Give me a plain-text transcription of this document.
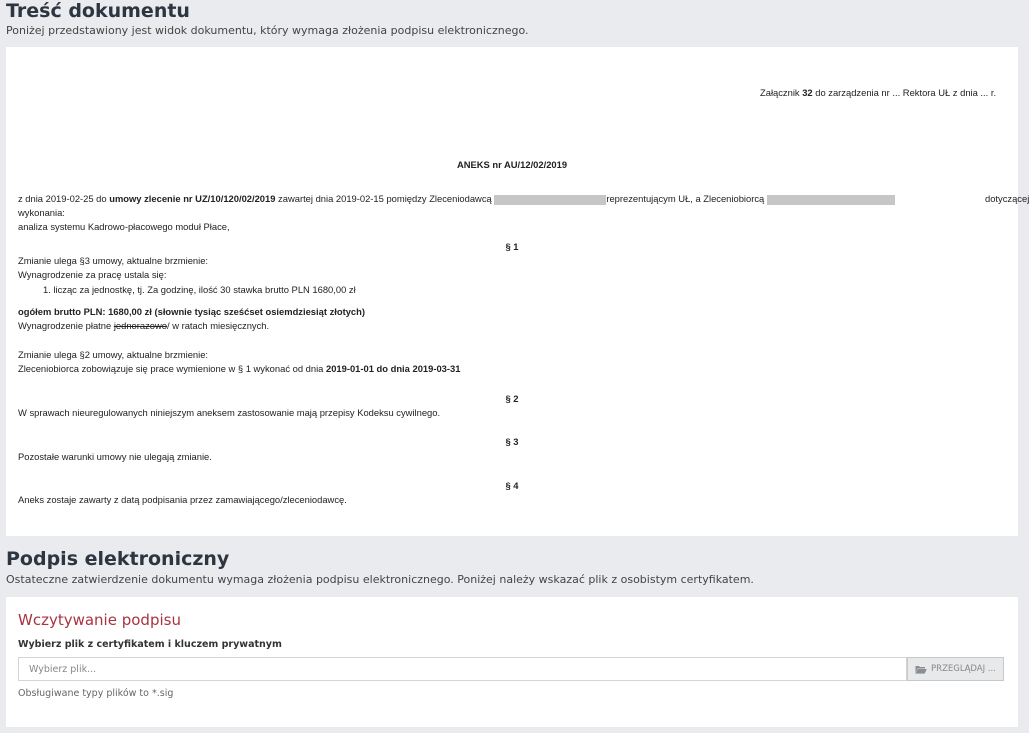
Treść dokumentu
Poniżej przedstawiony jest widok dokumentu, który wymaga złożenia podpisu elektronicznego.
Załącznik 32 do zarządzenia nr ... Rektora UŁ z dnia ... r.
ANEKS nr AU/12/02/2019
z dnia 2019-02-25 do umowy zlecenie nr UZ/10/120/02/2019 zawartej dnia 2019-02-15 pomiędzy Zleceniodawcą	reprezentującym UŁ, a Zleceniobiorcą	dotyczącej
wykonania:
analiza systemu Kadrowo-płacowego moduł Płace,
§ 1
Zmianie ulega §3 umowy, aktualne brzmienie:
Wynagrodzenie za pracę ustala się:
1. licząc za jednostkę, tj. Za godzinę, ilość 30 stawka brutto PLN 1680,00 zł
ogółem brutto PLN: 1680,00 zł (słownie tysiąc sześćset osiemdziesiąt złotych)
Wynagrodzenie płatne jednorazowo/ w ratach miesięcznych.
Zmianie ulega §2 umowy, aktualne brzmienie:
Zleceniobiorca zobowiązuje się prace wymienione w § 1 wykonać od dnia 2019-01-01 do dnia 2019-03-31
§ 2
W sprawach nieuregulowanych niniejszym aneksem zastosowanie mają przepisy Kodeksu cywilnego.
§ 3
Pozostałe warunki umowy nie ulegają zmianie.
§ 4
Aneks zostaje zawarty z datą podpisania przez zamawiającego/zleceniodawcę.
Podpis elektroniczny
Ostateczne zatwierdzenie dokumentu wymaga złożenia podpisu elektronicznego. Poniżej należy wskazać plik z osobistym certyfikatem.
Wczytywanie podpisu
Wybierz plik z certyfikatem i kluczem prywatnym
Wybierz plik...
PRZEGLĄDAJ ...
Obsługiwane typy plików to *.sig
